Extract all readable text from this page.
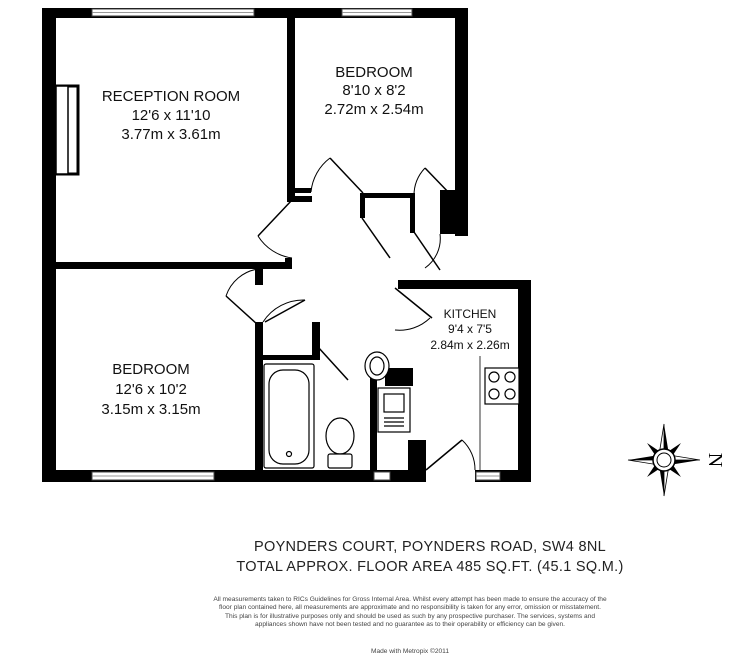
RECEPTION ROOM
12'6 x 11'10
3.77m x 3.61m
BEDROOM
8'10 x 8'2
2.72m x 2.54m
BEDROOM
12'6 x 10'2
3.15m x 3.15m
KITCHEN
9'4 x 7'5
2.84m x 2.26m
N
POYNDERS COURT, POYNDERS ROAD, SW4 8NL
TOTAL APPROX. FLOOR AREA 485 SQ.FT. (45.1 SQ.M.)
All measurements taken to RICs Guidelines for Gross Internal Area. Whilst every attempt has been made to ensure the accuracy of the floor plan contained here, all measurements are approximate and no responsibility is taken for any error, omission or misstatement. This plan is for illustrative purposes only and should be used as such by any prospective purchaser. The services, systems and appliances shown have not been tested and no guarantee as to their operability or efficiency can be given.
Made with Metropix ©2011
